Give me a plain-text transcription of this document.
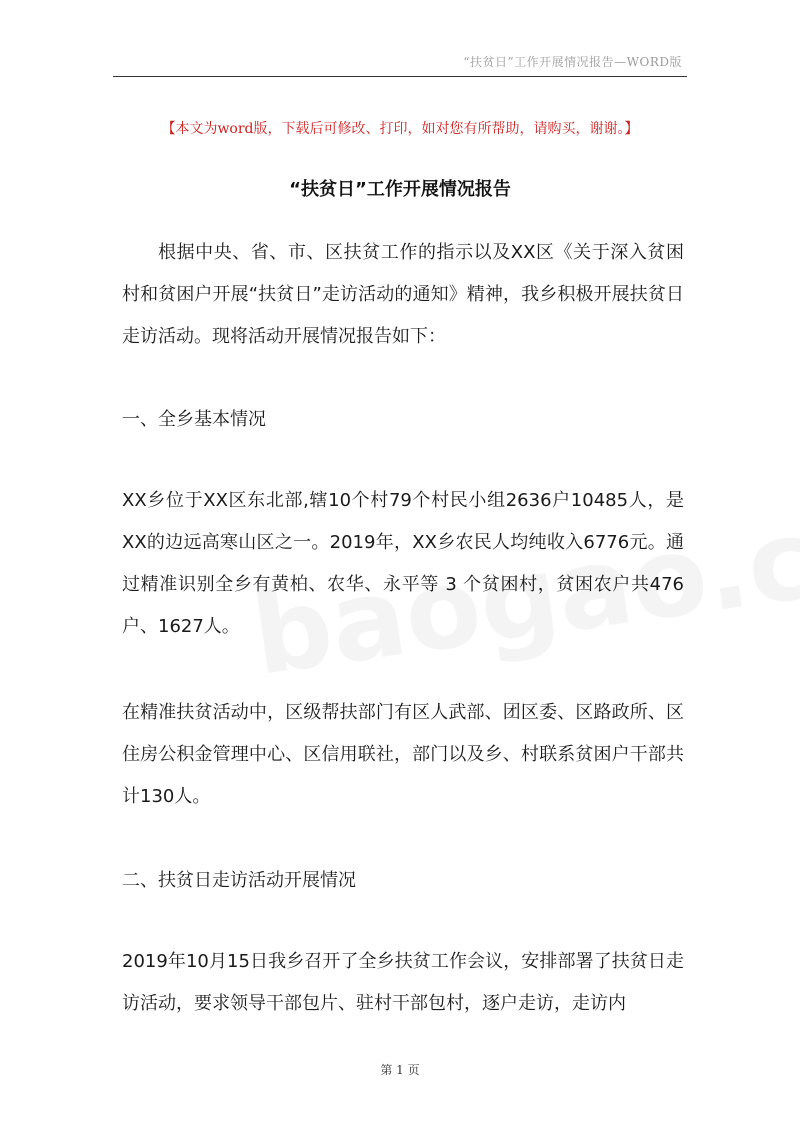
“扶贫日”工作开展情况报告—WORD版
【本文为word版，下载后可修改、打印，如对您有所帮助，请购买，谢谢。】
“扶贫日”工作开展情况报告
根据中央、省、市、区扶贫工作的指示以及XX区《关于深入贫困村和贫困户开展“扶贫日”走访活动的通知》精神，我乡积极开展扶贫日走访活动。现将活动开展情况报告如下：
一、全乡基本情况
XX乡位于XX区东北部,辖10个村79个村民小组2636户10485人，是XX的边远高寒山区之一。2019年，XX乡农民人均纯收入6776元。通过精准识别全乡有黄柏、农华、永平等 3 个贫困村，贫困农户共476户、1627人。
在精准扶贫活动中，区级帮扶部门有区人武部、团区委、区路政所、区住房公积金管理中心、区信用联社，部门以及乡、村联系贫困户干部共计130人。
二、扶贫日走访活动开展情况
2019年10月15日我乡召开了全乡扶贫工作会议，安排部署了扶贫日走访活动，要求领导干部包片、驻村干部包村，逐户走访，走访内
第 1 页
